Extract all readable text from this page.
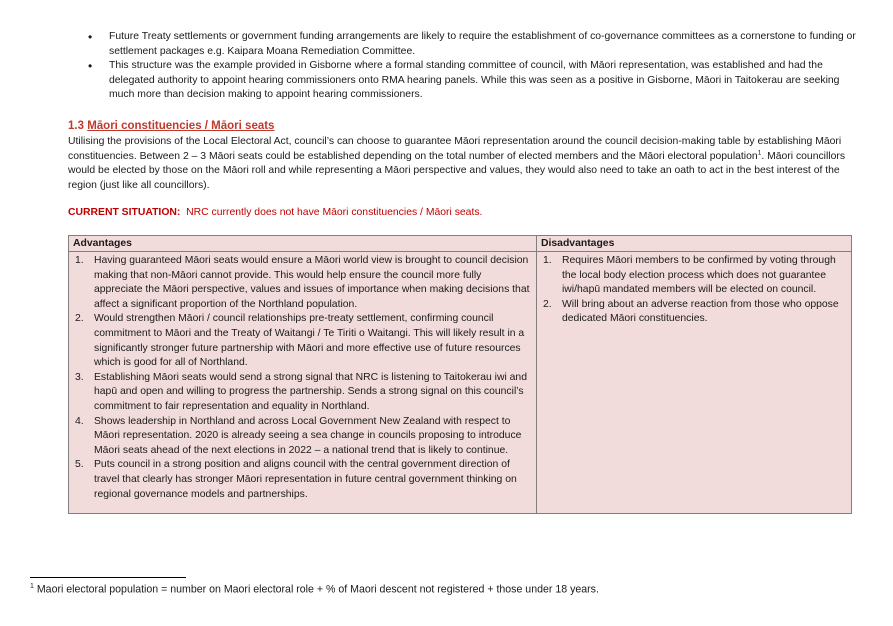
• Future Treaty settlements or government funding arrangements are likely to require the establishment of co-governance committees as a cornerstone to funding or settlement packages e.g. Kaipara Moana Remediation Committee.
• This structure was the example provided in Gisborne where a formal standing committee of council, with Māori representation, was established and had the delegated authority to appoint hearing commissioners onto RMA hearing panels. While this was seen as a positive in Gisborne, Māori in Taitokerau are seeking much more than decision making to appoint hearing commissioners.
1.3 Māori constituencies / Māori seats

Utilising the provisions of the Local Electoral Act, council’s can choose to guarantee Māori representation around the council decision-making table by establishing Māori constituencies. Between 2 – 3 Māori seats could be established depending on the total number of elected members and the Māori electoral population$^1$. Māori councillors would be elected by those on the Māori roll and while representing a Māori perspective and values, they would also need to take an oath to act in the best interest of the region (just like all councillors).

CURRENT SITUATION: NRC currently does not have Māori constituencies / Māori seats.
Advantages
1. Having guaranteed Māori seats would ensure a Māori world view is brought to council decision making that non-Māori cannot provide. This would help ensure the council more fully appreciate the Māori perspective, values and issues of importance when making decisions that affect a significant proportion of the Northland population.
2. Would strengthen Māori / council relationships pre-treaty settlement, confirming council commitment to Māori and the Treaty of Waitangi / Te Tiriti o Waitangi. This will likely result in a significantly stronger future partnership with Māori and more effective use of future resources which is good for all of Northland.
3. Establishing Māori seats would send a strong signal that NRC is listening to Taitokerau iwi and hapū and open and willing to progress the partnership. Sends a strong signal on this council’s commitment to fair representation and equality in Northland.
4. Shows leadership in Northland and across Local Government New Zealand with respect to Māori representation. 2020 is already seeing a sea change in councils proposing to introduce Māori seats ahead of the next elections in 2022 – a national trend that is likely to continue.
5. Puts council in a strong position and aligns council with the central government direction of travel that clearly has stronger Māori representation in future central government thinking on regional governance models and partnerships.
Disadvantages
1. Requires Māori members to be confirmed by voting through the local body election process which does not guarantee iwi/hapū mandated members will be elected on council.
2. Will bring about an adverse reaction from those who oppose dedicated Māori constituencies.
$^1$ Maori electoral population = number on Maori electoral role + % of Maori descent not registered + those under 18 years.
